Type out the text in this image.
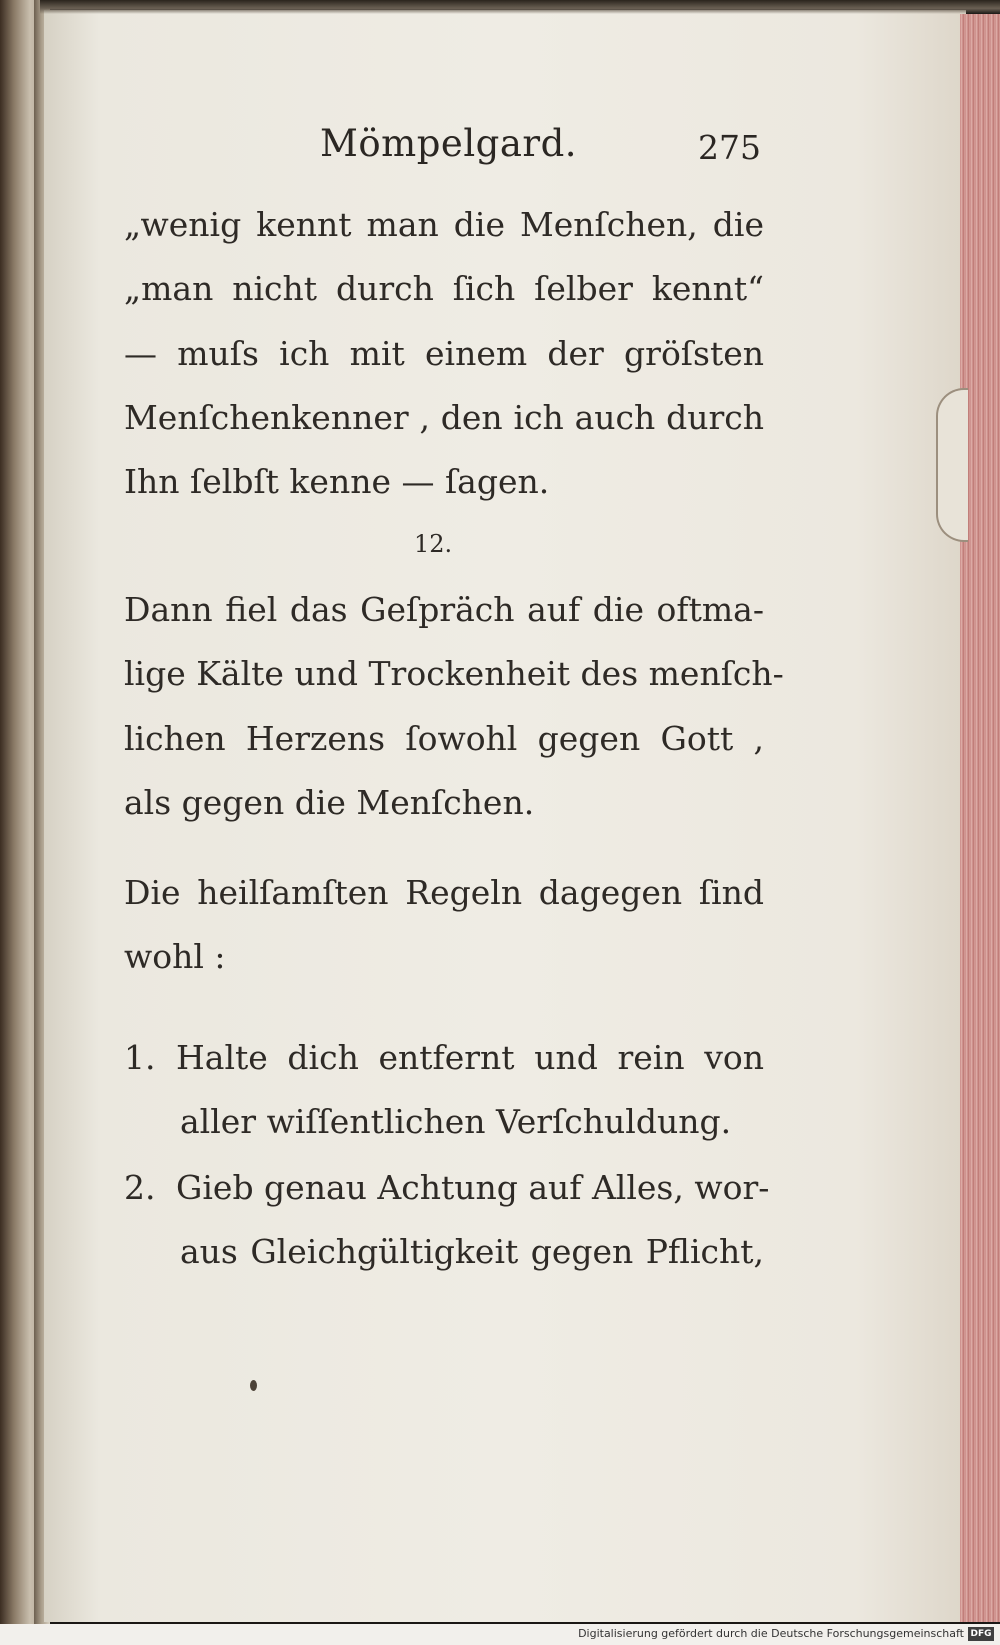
Mömpelgard.	275
„wenig kennt man die Menſchen, die
„man nicht durch ſich ſelber kennt“
— muſs ich mit einem der gröſsten
Menſchenkenner , den ich auch durch
Ihn ſelbſt kenne — ſagen.
12.
Dann fiel das Geſpräch auf die oftma-
lige Kälte und Trockenheit des menſch-
lichen Herzens ſowohl gegen Gott ,
als gegen die Menſchen.
Die heilſamſten Regeln dagegen ſind
wohl :
1. Halte dich entfernt und rein von
aller wiſſentlichen Verſchuldung.
2. Gieb genau Achtung auf Alles, wor-
aus Gleichgültigkeit gegen Pflicht,
Digitalisierung gefördert durch die Deutsche Forschungsgemeinschaft DFG
